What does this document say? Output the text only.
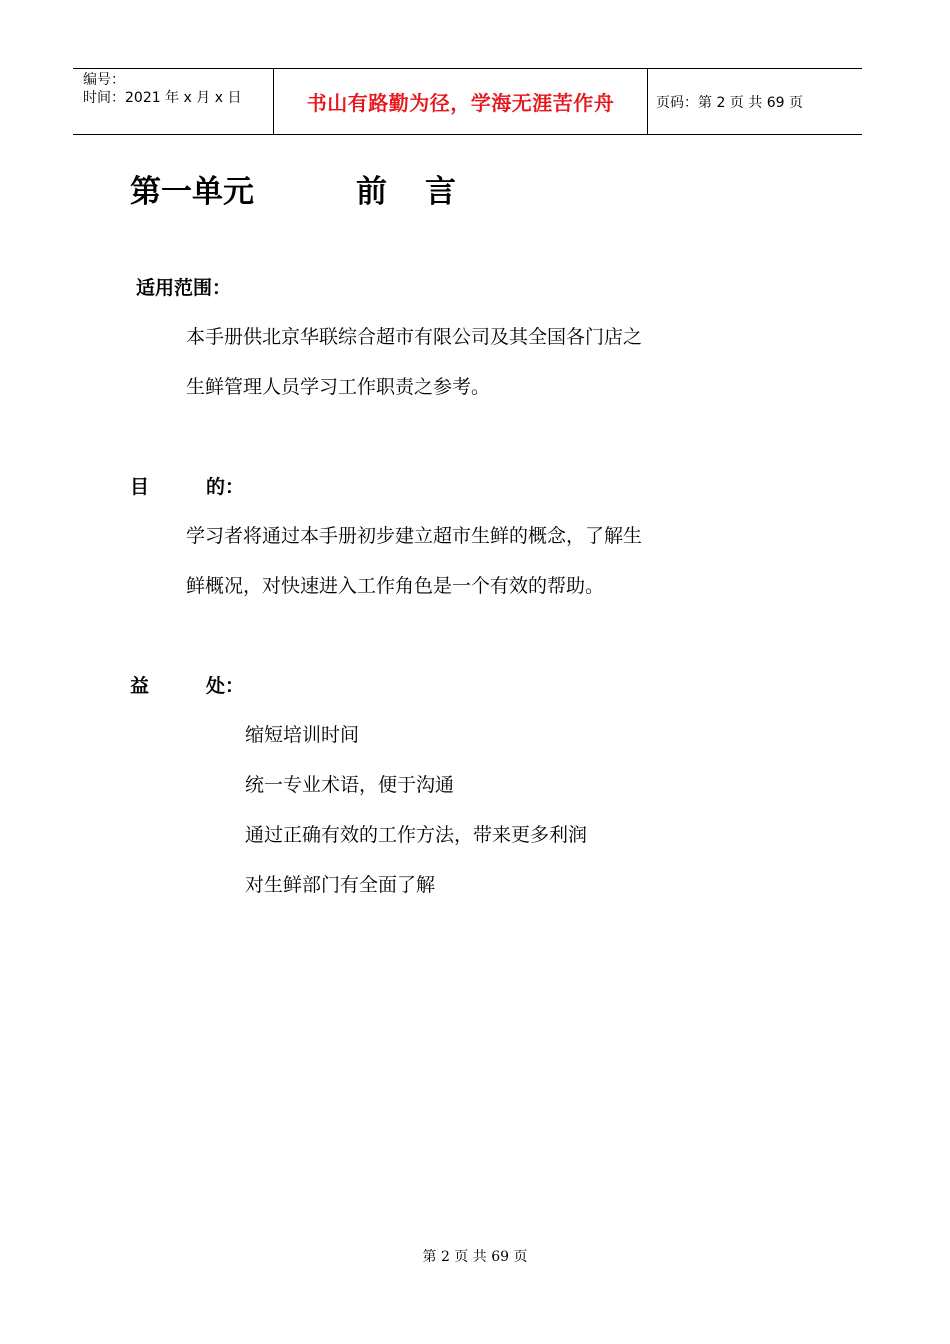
编号：
时间：2021 年 x 月 x 日	书山有路勤为径，学海无涯苦作舟	页码：第 2 页 共 69 页
第一单元	前言
适用范围：
本手册供北京华联综合超市有限公司及其全国各门店之
生鲜管理人员学习工作职责之参考。
目	的：
学习者将通过本手册初步建立超市生鲜的概念，了解生
鲜概况，对快速进入工作角色是一个有效的帮助。
益	处：
缩短培训时间
统一专业术语，便于沟通
通过正确有效的工作方法，带来更多利润
对生鲜部门有全面了解
第 2 页 共 69 页
